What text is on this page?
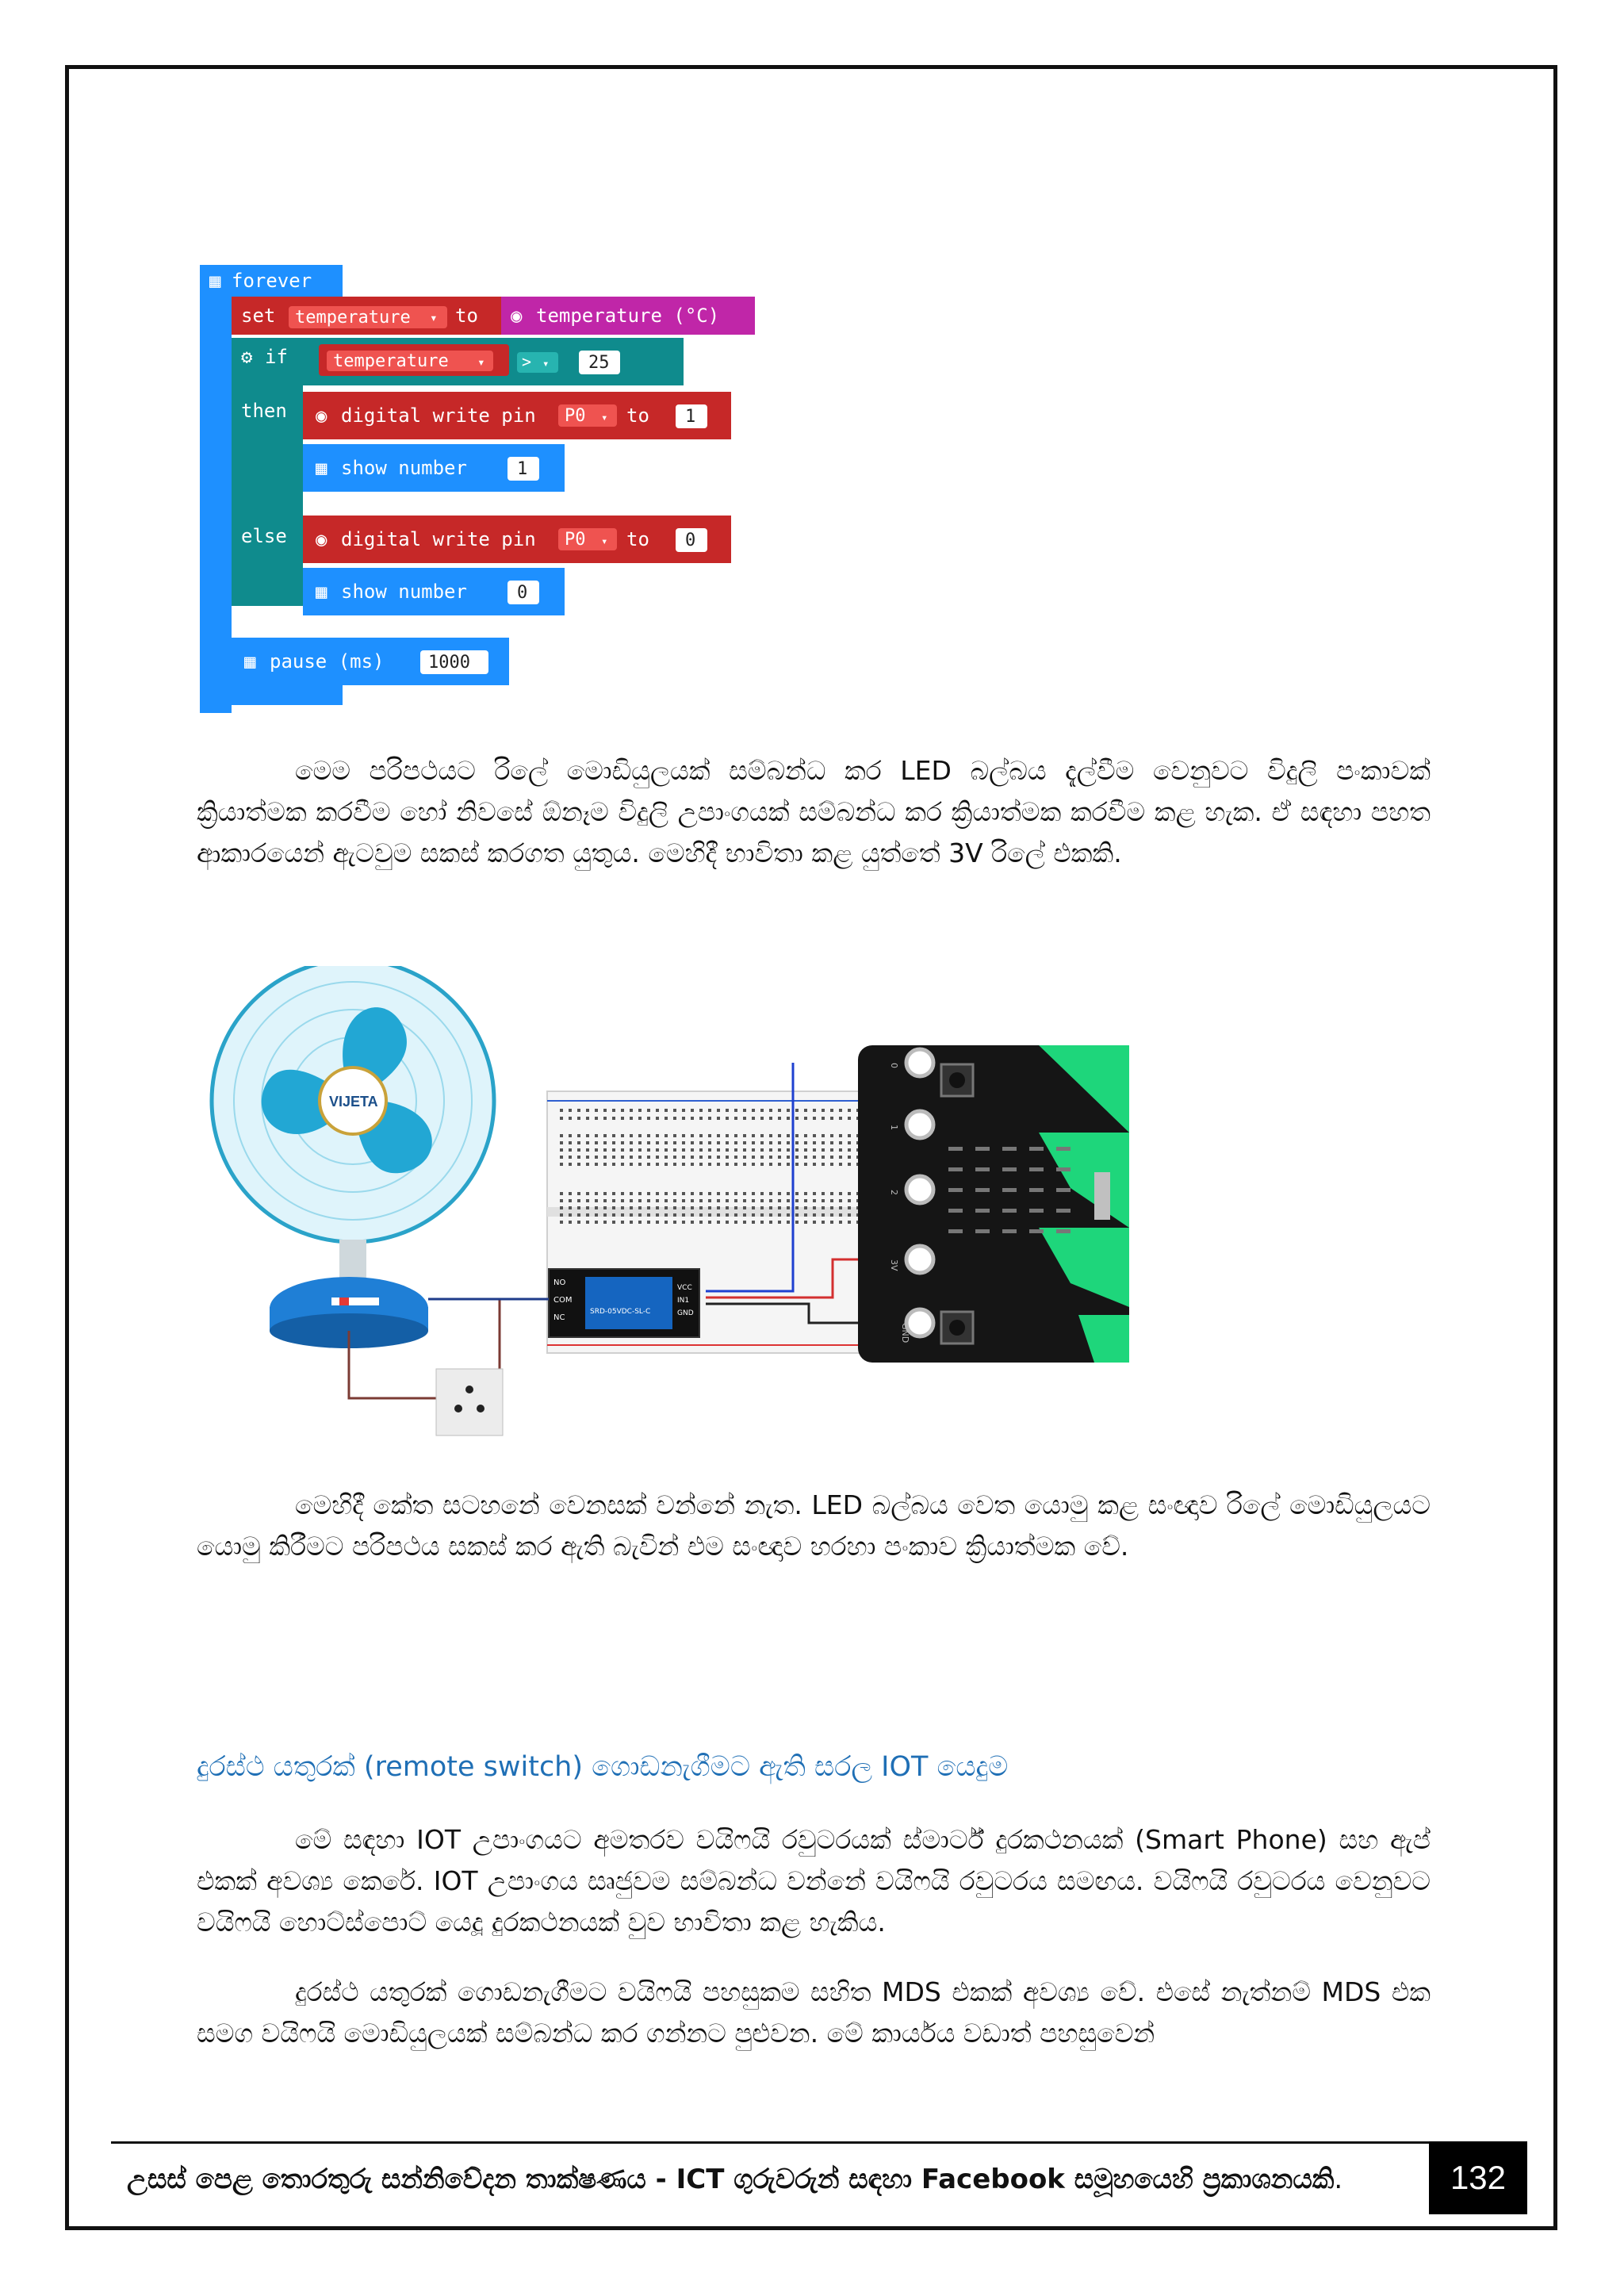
▦ forever
set temperature ▾ to ◉ temperature (°C)
⚙ if	temperature ▾ > ▾ 25
then ◉ digital write pin P0 ▾ to 1
▦ show number	1
else ◉ digital write pin P0 ▾ to 0
▦ show number	0
▦ pause (ms)	1000

මෙම පරිපථයට රිලේ මොඩියුලයක් සම්බන්ධ කර LED බල්බය දැල්වීම වෙනුවට විදුලි පංකාවක් ක්‍රියාත්මක කරවීම හෝ නිවසේ ඕනෑම විදුලි උපාංගයක් සම්බන්ධ කර ක්‍රියාත්මක කරවීම කළ හැක. ඒ සඳහා පහත ආකාරයෙන් ඇටවුම සකස් කරගත යුතුය. මෙහිදී භාවිතා කළ යුත්තේ 3V රිලේ එකකි.

VIJETA
SRD-05VDC-SL-C
NO
COM
NC
VCC
IN1
GND
0
1
2
3V
GND

මෙහිදී කේත සටහනේ වෙනසක් වන්නේ නැත. LED බල්බය වෙත යොමු කළ සංඥාව රිලේ මොඩියුලයට යොමු කිරීමට පරිපථය සකස් කර ඇති බැවින් එම සංඥාව හරහා පංකාව ක්‍රියාත්මක වේ.

දුරස්ථ යතුරක් (remote switch) ගොඩනැගීමට ඇති සරල IOT යෙදුම

මේ සඳහා IOT උපාංගයට අමතරව වයිෆයි රවුටරයක් ස්මාර්ට් දුරකථනයක් (Smart Phone) සහ ඇප් එකක් අවශ්‍ය කෙරේ. IOT උපාංගය සෘජුවම සම්බන්ධ වන්නේ වයිෆයි රවුටරය සමඟය. වයිෆයි රවුටරය වෙනුවට වයිෆයි හොට්ස්පොට් යෙදූ දුරකථනයක් වුව භාවිතා කළ හැකිය.

දුරස්ථ යතුරක් ගොඩනැගීමට වයිෆයි පහසුකම සහිත MDS එකක් අවශ්‍ය වේ. එසේ නැත්නම් MDS එක සමග වයිෆයි මොඩියුලයක් සම්බන්ධ කර ගන්නට පුළුවන. මේ කාර්යය වඩාත් පහසුවෙන්

උසස් පෙළ තොරතුරු සන්නිවේදන තාක්ෂණය - ICT ගුරුවරුන් සඳහා Facebook සමූහයෙහි ප්‍රකාශනයකි.	132
